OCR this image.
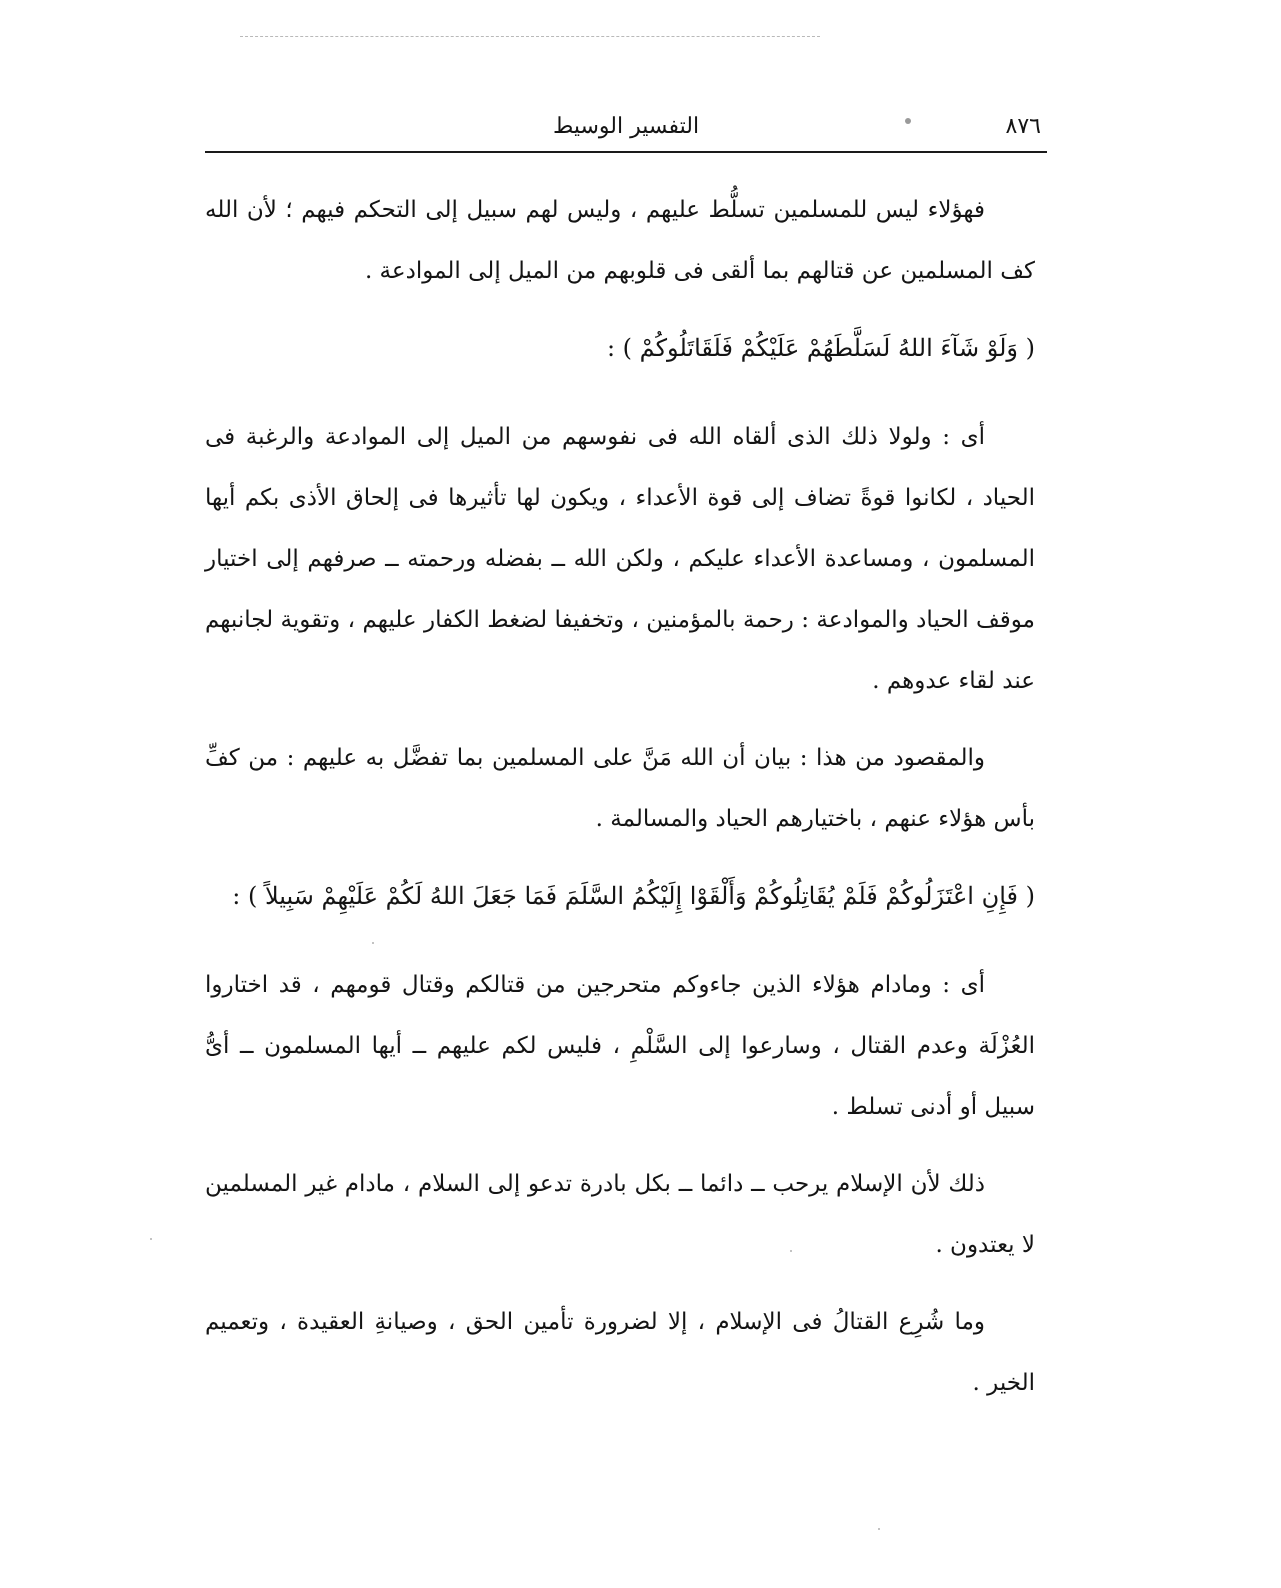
التفسير الوسيط	٨٧٦

فهؤلاء ليس للمسلمين تسلُّط عليهم ، وليس لهم سبيل إلى التحكم فيهم ؛ لأن الله كف المسلمين عن قتالهم بما ألقى فى قلوبهم من الميل إلى الموادعة .

( وَلَوْ شَآءَ اللهُ لَسَلَّطَهُمْ عَلَيْكُمْ فَلَقَاتَلُوكُمْ ) :

أى : ولولا ذلك الذى ألقاه الله فى نفوسهم من الميل إلى الموادعة والرغبة فى الحياد ، لكانوا قوةً تضاف إلى قوة الأعداء ، ويكون لها تأثيرها فى إلحاق الأذى بكم أيها المسلمون ، ومساعدة الأعداء عليكم ، ولكن الله ــ بفضله ورحمته ــ صرفهم إلى اختيار موقف الحياد والموادعة : رحمة بالمؤمنين ، وتخفيفا لضغط الكفار عليهم ، وتقوية لجانبهم عند لقاء عدوهم .

والمقصود من هذا : بيان أن الله مَنَّ على المسلمين بما تفضَّل به عليهم : من كفِّ بأس هؤلاء عنهم ، باختيارهم الحياد والمسالمة .

( فَإِنِ اعْتَزَلُوكُمْ فَلَمْ يُقَاتِلُوكُمْ وَأَلْقَوْا إِلَيْكُمُ السَّلَمَ فَمَا جَعَلَ اللهُ لَكُمْ عَلَيْهِمْ سَبِيلاً ) :

أى : ومادام هؤلاء الذين جاءوكم متحرجين من قتالكم وقتال قومهم ، قد اختاروا العُزْلَة وعدم القتال ، وسارعوا إلى السَّلْمِ ، فليس لكم عليهم ــ أيها المسلمون ــ أىُّ سبيل أو أدنى تسلط .

ذلك لأن الإسلام يرحب ــ دائما ــ بكل بادرة تدعو إلى السلام ، مادام غير المسلمين لا يعتدون .

وما شُرِع القتالُ فى الإسلام ، إلا لضرورة تأمين الحق ، وصيانةِ العقيدة ، وتعميم الخير .
